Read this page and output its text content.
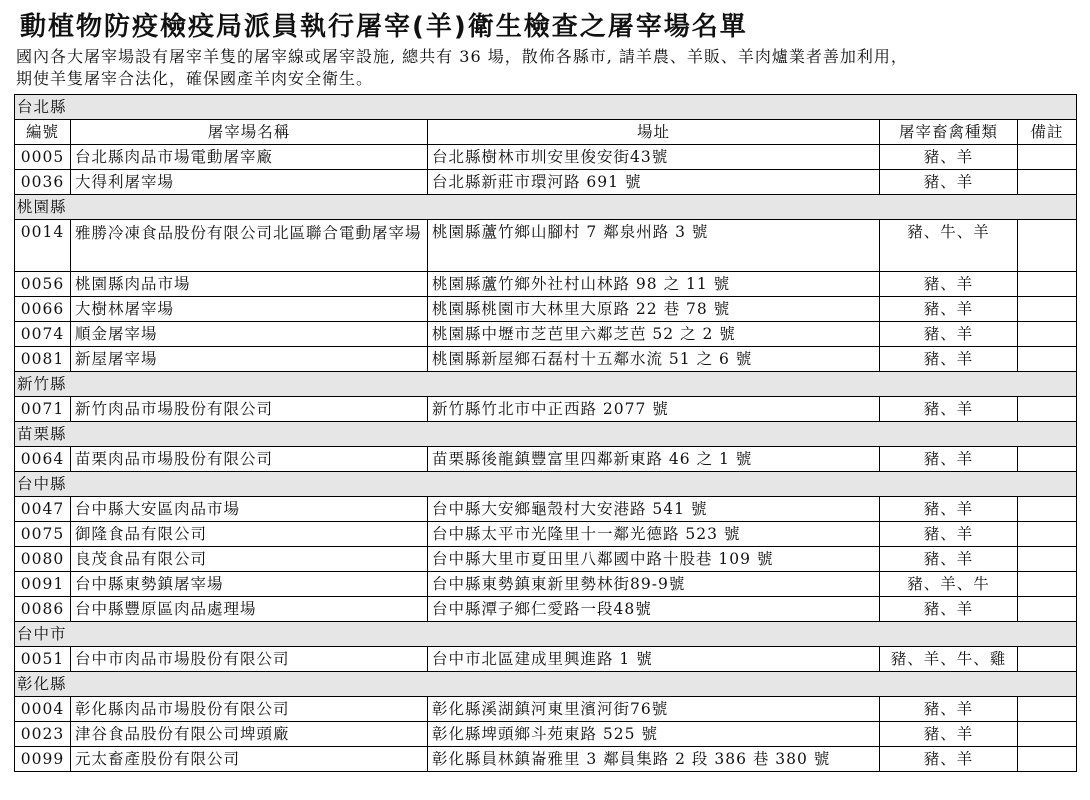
動植物防疫檢疫局派員執行屠宰(羊)衛生檢查之屠宰場名單
國內各大屠宰場設有屠宰羊隻的屠宰線或屠宰設施, 總共有 36 場，散佈各縣市, 請羊農、羊販、羊肉爐業者善加利用，
期使羊隻屠宰合法化，確保國產羊肉安全衛生。
台北縣				
編號	屠宰場名稱	場址	屠宰畜禽種類	備註
0005	台北縣肉品市場電動屠宰廠	台北縣樹林市圳安里俊安街43號	豬、羊	
0036	大得利屠宰場	台北縣新莊市環河路 691 號	豬、羊	
桃園縣				
0014	雅勝冷凍食品股份有限公司北區聯合電動屠宰場	桃園縣蘆竹鄉山腳村 7 鄰泉州路 3 號	豬、牛、羊	
0056	桃園縣肉品市場	桃園縣蘆竹鄉外社村山林路 98 之 11 號	豬、羊	
0066	大樹林屠宰場	桃園縣桃園市大林里大原路 22 巷 78 號	豬、羊	
0074	順金屠宰場	桃園縣中壢市芝芭里六鄰芝芭 52 之 2 號	豬、羊	
0081	新屋屠宰場	桃園縣新屋鄉石磊村十五鄰水流 51 之 6 號	豬、羊	
新竹縣				
0071	新竹肉品市場股份有限公司	新竹縣竹北市中正西路 2077 號	豬、羊	
苗栗縣				
0064	苗栗肉品市場股份有限公司	苗栗縣後龍鎮豐富里四鄰新東路 46 之 1 號	豬、羊	
台中縣				
0047	台中縣大安區肉品市場	台中縣大安鄉龜殼村大安港路 541 號	豬、羊	
0075	御隆食品有限公司	台中縣太平市光隆里十一鄰光德路 523 號	豬、羊	
0080	良茂食品有限公司	台中縣大里市夏田里八鄰國中路十股巷 109 號	豬、羊	
0091	台中縣東勢鎮屠宰場	台中縣東勢鎮東新里勢林街89-9號	豬、羊、牛	
0086	台中縣豐原區肉品處理場	台中縣潭子鄉仁愛路一段48號	豬、羊	
台中市				
0051	台中市肉品市場股份有限公司	台中市北區建成里興進路 1 號	豬、羊、牛、雞	
彰化縣				
0004	彰化縣肉品市場股份有限公司	彰化縣溪湖鎮河東里濱河街76號	豬、羊	
0023	津谷食品股份有限公司埤頭廠	彰化縣埤頭鄉斗苑東路 525 號	豬、羊	
0099	元太畜產股份有限公司	彰化縣員林鎮崙雅里 3 鄰員集路 2 段 386 巷 380 號	豬、羊	
